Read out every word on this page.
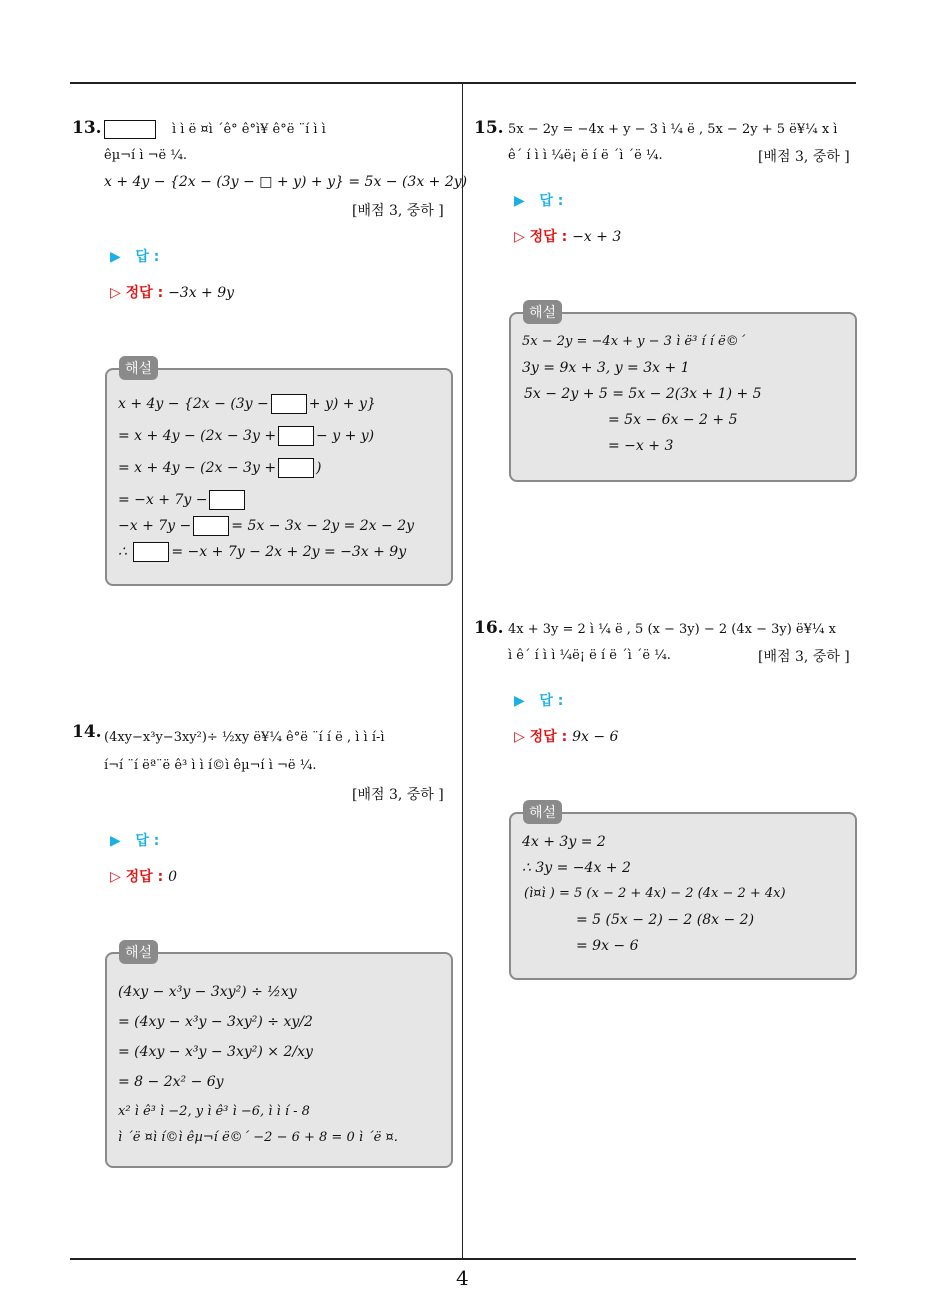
4
13.	ì ì ë ¤ì ´ê° ê°ì¥ ê°ë ¨í ì ì
êµ¬í ì ¬ë ¼.
x + 4y − {2x − (3y − □ + y) + y} = 5x − (3x + 2y)
[배점 3, 중하 ]
▶ 답 :
▷ 정답 : −3x + 9y
해설
x + 4y − {2x − (3y −	+ y) + y}
= x + 4y − (2x − 3y +	− y + y)
= x + 4y − (2x − 3y +	)
= −x + 7y −
−x + 7y −	= 5x − 3x − 2y = 2x − 2y
∴	= −x + 7y − 2x + 2y = −3x + 9y
14. (4xy−x³y−3xy²)÷ ½xy ë¥¼ ê°ë ¨í í ë , ì ì í-ì
í¬í ¨í ëª¨ë ê³ ì ì í©ì êµ¬í ì ¬ë ¼.
[배점 3, 중하 ]
▶ 답 :
▷ 정답 : 0
해설
(4xy − x³y − 3xy²) ÷ ½xy
= (4xy − x³y − 3xy²) ÷ xy/2
= (4xy − x³y − 3xy²) × 2/xy
= 8 − 2x² − 6y
x² ì ê³ ì −2, y ì ê³ ì −6, ì ì í - 8
ì ´ë ¤ì í©ì êµ¬í ë©´ −2 − 6 + 8 = 0 ì ´ë ¤.
15. 5x − 2y = −4x + y − 3 ì ¼ ë , 5x − 2y + 5 ë¥¼ x ì
ê´ í ì ì ¼ë¡ ë í ë ´ì ´ë ¼.	[배점 3, 중하 ]
▶ 답 :
▷ 정답 : −x + 3
해설
5x − 2y = −4x + y − 3 ì ë³ í í ë©´
3y = 9x + 3, y = 3x + 1
5x − 2y + 5 = 5x − 2(3x + 1) + 5
= 5x − 6x − 2 + 5
= −x + 3
16. 4x + 3y = 2 ì ¼ ë , 5 (x − 3y) − 2 (4x − 3y) ë¥¼ x
ì ê´ í ì ì ¼ë¡ ë í ë ´ì ´ë ¼.	[배점 3, 중하 ]
▶ 답 :
▷ 정답 : 9x − 6
해설
4x + 3y = 2
∴ 3y = −4x + 2
(ì¤ì ) = 5 (x − 2 + 4x) − 2 (4x − 2 + 4x)
= 5 (5x − 2) − 2 (8x − 2)
= 9x − 6
